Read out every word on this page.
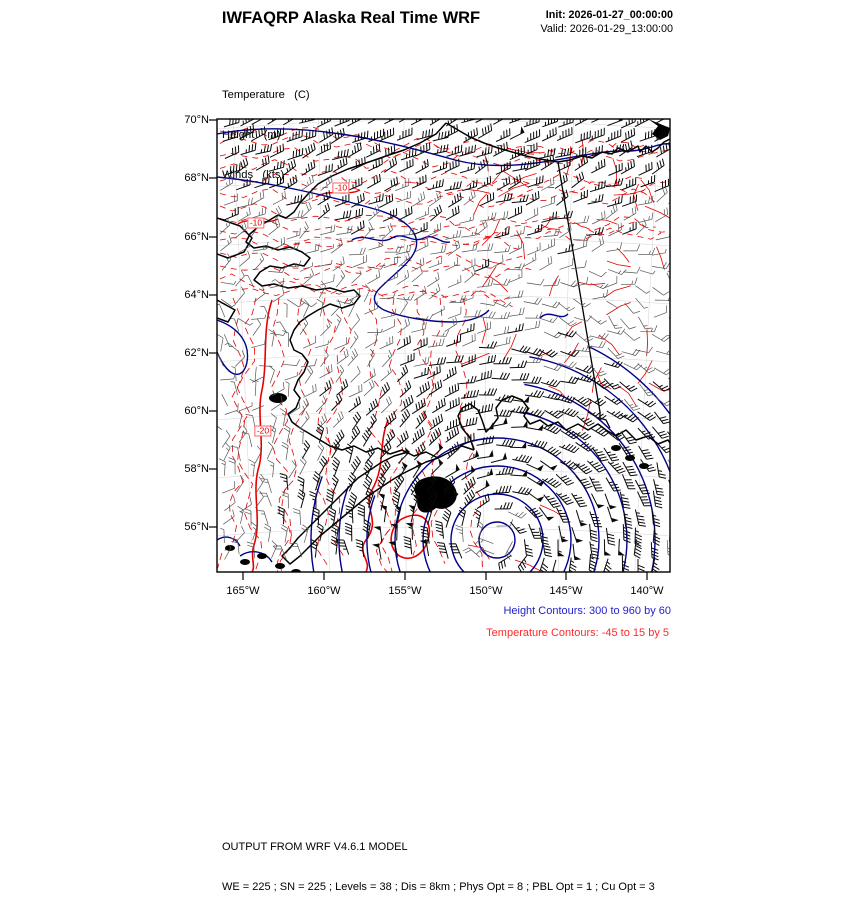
IWFAQRP Alaska Real Time WRF	Init: 2026-01-27_00:00:00
Valid: 2026-01-29_13:00:00

Temperature   (C)

Height   (m)

Winds   (kts)

70°N
68°N
66°N
64°N
62°N
60°N
58°N
56°N
165°W	160°W	155°W	150°W	145°W	140°W
-10
-10
-20
Height Contours: 300 to 960 by 60
Temperature Contours: -45 to 15 by 5

OUTPUT FROM WRF V4.6.1 MODEL

WE = 225 ; SN = 225 ; Levels = 38 ; Dis = 8km ; Phys Opt = 8 ; PBL Opt = 1 ; Cu Opt = 3
